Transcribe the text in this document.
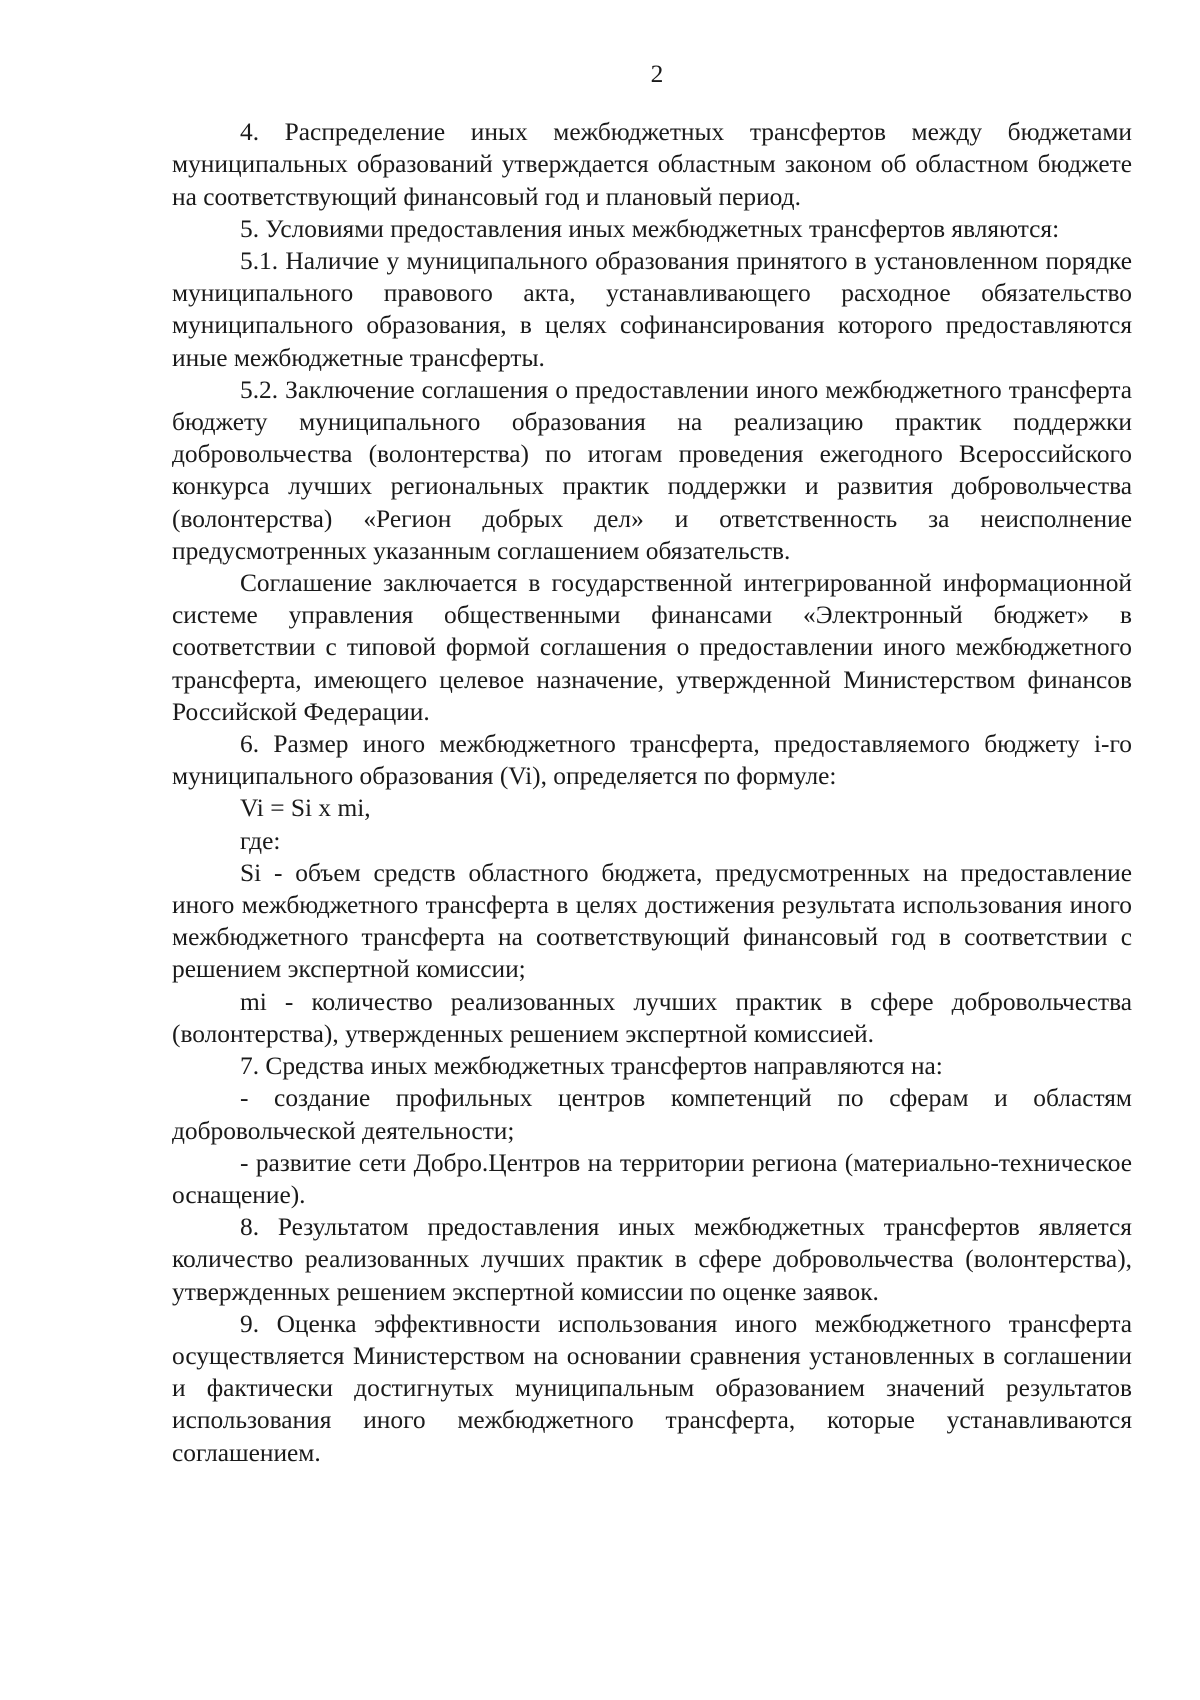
2

4. Распределение иных межбюджетных трансфертов между бюджетами муниципальных образований утверждается областным законом об областном бюджете на соответствующий финансовый год и плановый период.

5. Условиями предоставления иных межбюджетных трансфертов являются:

5.1. Наличие у муниципального образования принятого в установленном порядке муниципального правового акта, устанавливающего расходное обязательство муниципального образования, в целях софинансирования которого предоставляются иные межбюджетные трансферты.

5.2. Заключение соглашения о предоставлении иного межбюджетного трансферта бюджету муниципального образования на реализацию практик поддержки добровольчества (волонтерства) по итогам проведения ежегодного Всероссийского конкурса лучших региональных практик поддержки и развития добровольчества (волонтерства) «Регион добрых дел» и ответственность за неисполнение предусмотренных указанным соглашением обязательств.

Соглашение заключается в государственной интегрированной информационной системе управления общественными финансами «Электронный бюджет» в соответствии с типовой формой соглашения о предоставлении иного межбюджетного трансферта, имеющего целевое назначение, утвержденной Министерством финансов Российской Федерации.

6. Размер иного межбюджетного трансферта, предоставляемого бюджету i-го муниципального образования (Vi), определяется по формуле:

Vi = Si x mi,

где:

Si - объем средств областного бюджета, предусмотренных на предоставление иного межбюджетного трансферта в целях достижения результата использования иного межбюджетного трансферта на соответствующий финансовый год в соответствии с решением экспертной комиссии;

mi - количество реализованных лучших практик в сфере добровольчества (волонтерства), утвержденных решением экспертной комиссией.

7. Средства иных межбюджетных трансфертов направляются на:

- создание профильных центров компетенций по сферам и областям добровольческой деятельности;

- развитие сети Добро.Центров на территории региона (материально-техническое оснащение).

8. Результатом предоставления иных межбюджетных трансфертов является количество реализованных лучших практик в сфере добровольчества (волонтерства), утвержденных решением экспертной комиссии по оценке заявок.

9. Оценка эффективности использования иного межбюджетного трансферта осуществляется Министерством на основании сравнения установленных в соглашении и фактически достигнутых муниципальным образованием значений результатов использования иного межбюджетного трансферта, которые устанавливаются соглашением.
